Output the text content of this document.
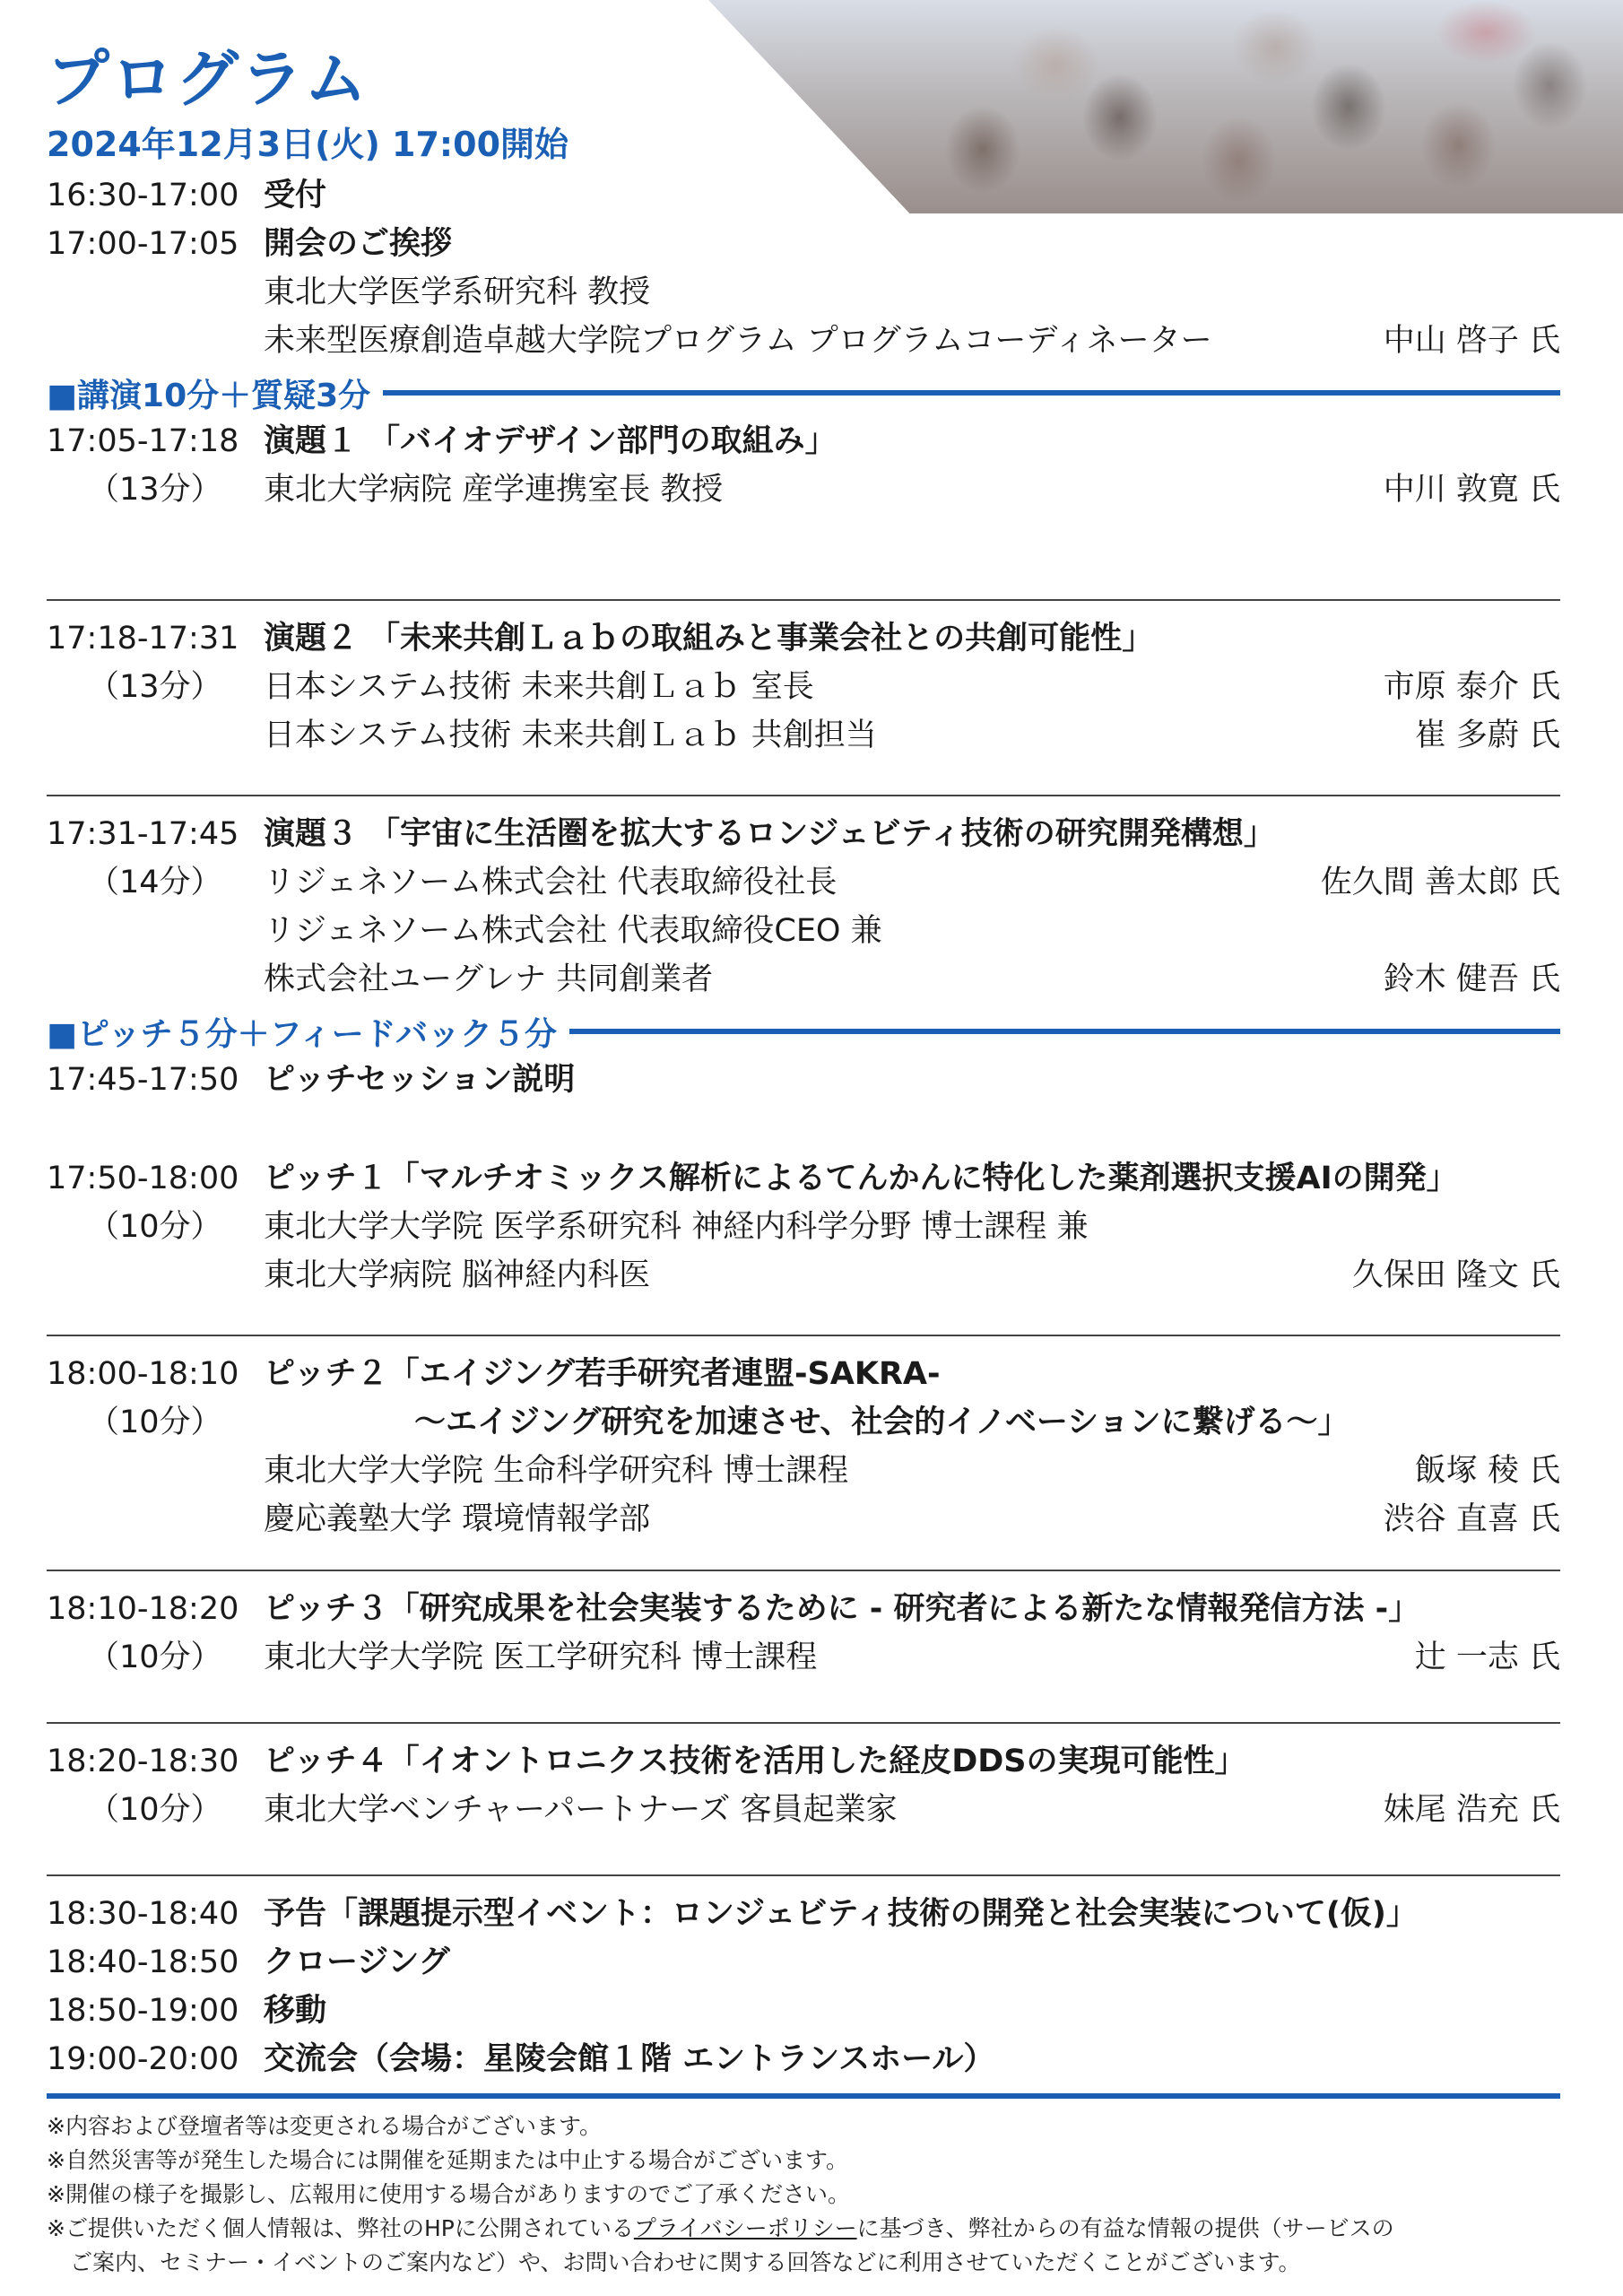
プログラム
2024年12月3日(火) 17:00開始
16:30-17:00 受付
17:00-17:05 開会のご挨拶
東北大学医学系研究科 教授
未来型医療創造卓越大学院プログラム プログラムコーディネーター	中山 啓子 氏
■講演10分＋質疑3分
17:05-17:18 演題１ 「バイオデザイン部門の取組み」
（13分） 東北大学病院 産学連携室長 教授	中川 敦寛 氏
17:18-17:31 演題２ 「未来共創Ｌａｂの取組みと事業会社との共創可能性」
（13分） 日本システム技術 未来共創Ｌａｂ 室長	市原 泰介 氏
日本システム技術 未来共創Ｌａｂ 共創担当	崔 多蔚 氏
17:31-17:45 演題３ 「宇宙に生活圏を拡大するロンジェビティ技術の研究開発構想」
（14分） リジェネソーム株式会社 代表取締役社長	佐久間 善太郎 氏
リジェネソーム株式会社 代表取締役CEO 兼
株式会社ユーグレナ 共同創業者	鈴木 健吾 氏
■ピッチ５分＋フィードバック５分
17:45-17:50 ピッチセッション説明
17:50-18:00 ピッチ１「マルチオミックス解析によるてんかんに特化した薬剤選択支援AIの開発」
（10分） 東北大学大学院 医学系研究科 神経内科学分野 博士課程 兼
東北大学病院 脳神経内科医	久保田 隆文 氏
18:00-18:10 ピッチ２「エイジング若手研究者連盟-SAKRA-
（10分）	〜エイジング研究を加速させ、社会的イノベーションに繋げる〜」
東北大学大学院 生命科学研究科 博士課程	飯塚 稜 氏
慶応義塾大学 環境情報学部	渋谷 直喜 氏
18:10-18:20 ピッチ３「研究成果を社会実装するために - 研究者による新たな情報発信方法 -」
（10分） 東北大学大学院 医工学研究科 博士課程	辻 一志 氏
18:20-18:30 ピッチ４「イオントロニクス技術を活用した経皮DDSの実現可能性」
（10分） 東北大学ベンチャーパートナーズ 客員起業家	妹尾 浩充 氏
18:30-18:40 予告「課題提示型イベント：ロンジェビティ技術の開発と社会実装について(仮)」
18:40-18:50 クロージング
18:50-19:00 移動
19:00-20:00 交流会（会場：星陵会館１階 エントランスホール）
※内容および登壇者等は変更される場合がございます。
※自然災害等が発生した場合には開催を延期または中止する場合がございます。
※開催の様子を撮影し、広報用に使用する場合がありますのでご了承ください。
※ご提供いただく個人情報は、弊社のHPに公開されているプライバシーポリシーに基づき、弊社からの有益な情報の提供（サービスの
ご案内、セミナー・イベントのご案内など）や、お問い合わせに関する回答などに利用させていただくことがございます。
